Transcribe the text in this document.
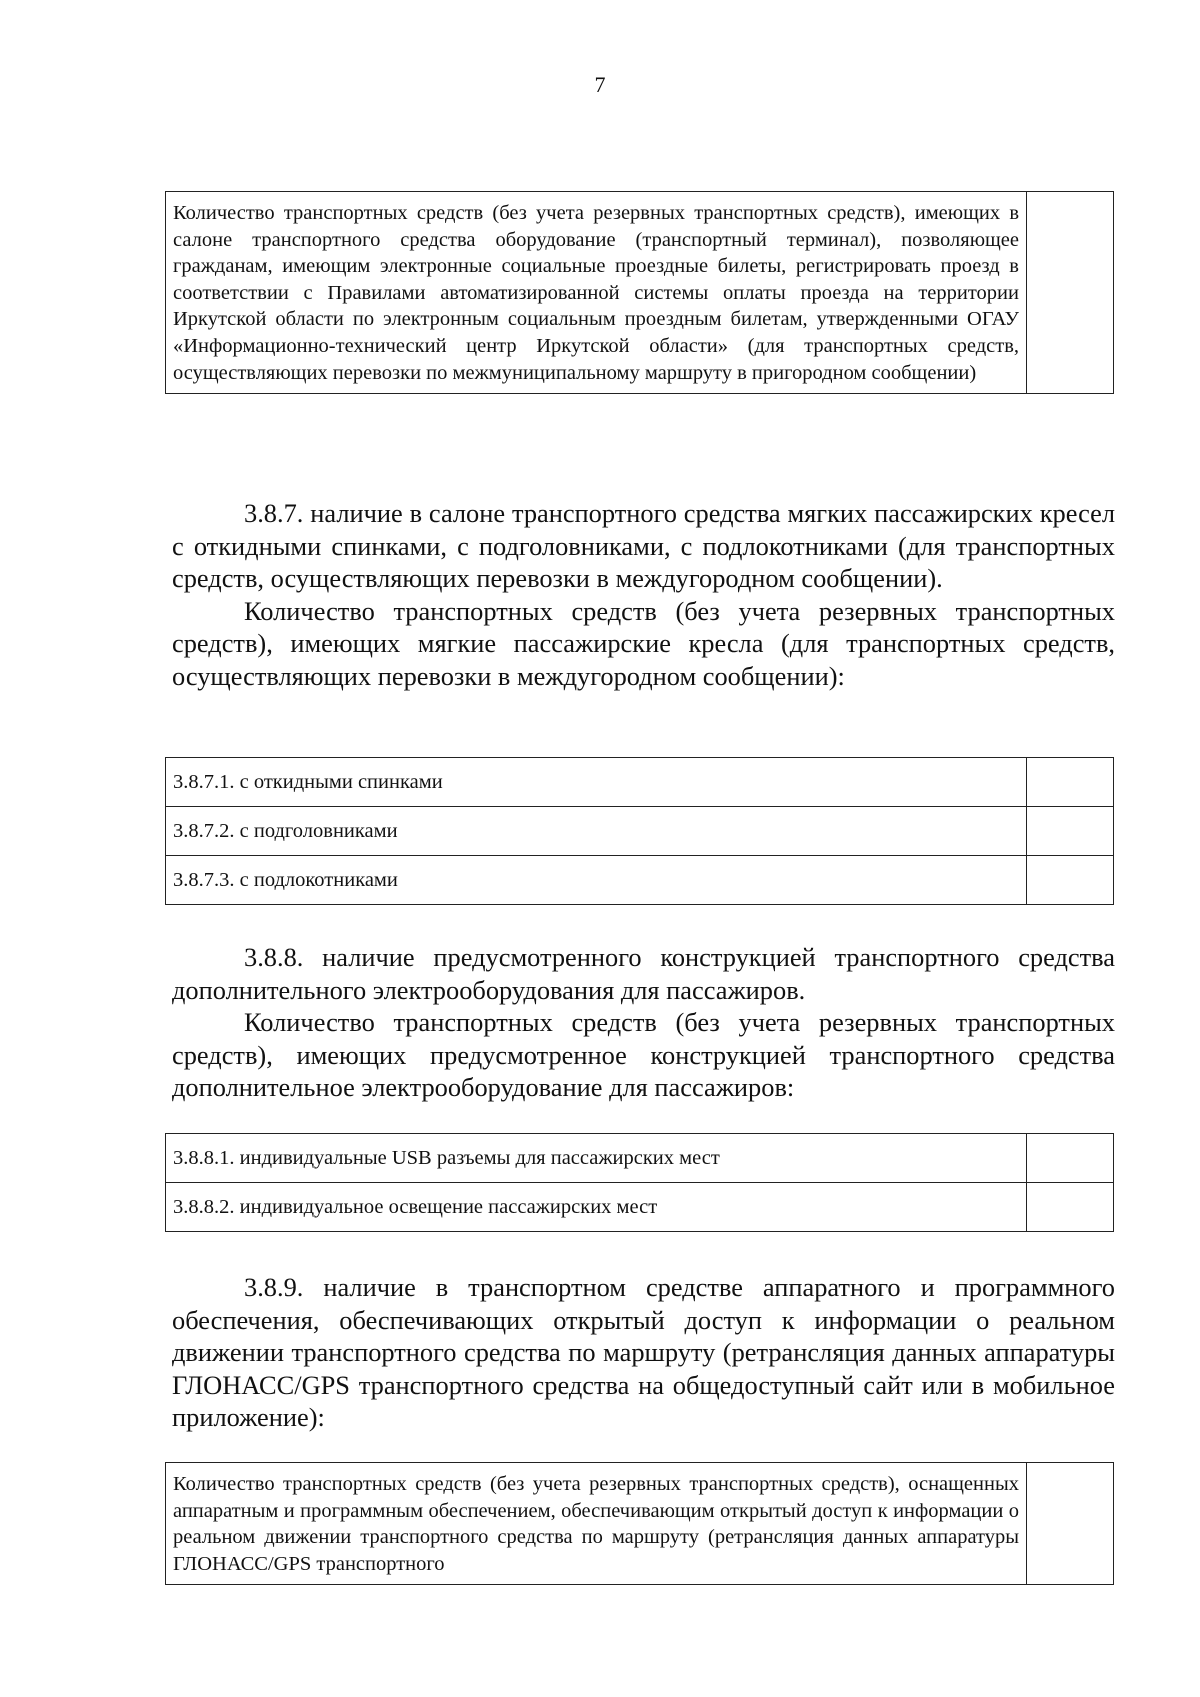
7
Количество транспортных средств (без учета резервных транспортных средств), имеющих в салоне транспортного средства оборудование (транспортный терминал), позволяющее гражданам, имеющим электронные социальные проездные билеты, регистрировать проезд в соответствии с Правилами автоматизированной системы оплаты проезда на территории Иркутской области по электронным социальным проездным билетам, утвержденными ОГАУ «Информационно-технический центр Иркутской области» (для транспортных средств, осуществляющих перевозки по межмуниципальному маршруту в пригородном сообщении)	

3.8.7. наличие в салоне транспортного средства мягких пассажирских кресел с откидными спинками, с подголовниками, с подлокотниками (для транспортных средств, осуществляющих перевозки в междугородном сообщении).

Количество транспортных средств (без учета резервных транспортных средств), имеющих мягкие пассажирские кресла (для транспортных средств, осуществляющих перевозки в междугородном сообщении):

3.8.7.1. с откидными спинками	
3.8.7.2. с подголовниками	
3.8.7.3. с подлокотниками	

3.8.8. наличие предусмотренного конструкцией транспортного средства дополнительного электрооборудования для пассажиров.

Количество транспортных средств (без учета резервных транспортных средств), имеющих предусмотренное конструкцией транспортного средства дополнительное электрооборудование для пассажиров:

3.8.8.1. индивидуальные USB разъемы для пассажирских мест	
3.8.8.2. индивидуальное освещение пассажирских мест	

3.8.9. наличие в транспортном средстве аппаратного и программного обеспечения, обеспечивающих открытый доступ к информации о реальном движении транспортного средства по маршруту (ретрансляция данных аппаратуры ГЛОНАСС/GPS транспортного средства на общедоступный сайт или в мобильное приложение):

Количество транспортных средств (без учета резервных транспортных средств), оснащенных аппаратным и программным обеспечением, обеспечивающим открытый доступ к информации о реальном движении транспортного средства по маршруту (ретрансляция данных аппаратуры ГЛОНАСС/GPS транспортного	
